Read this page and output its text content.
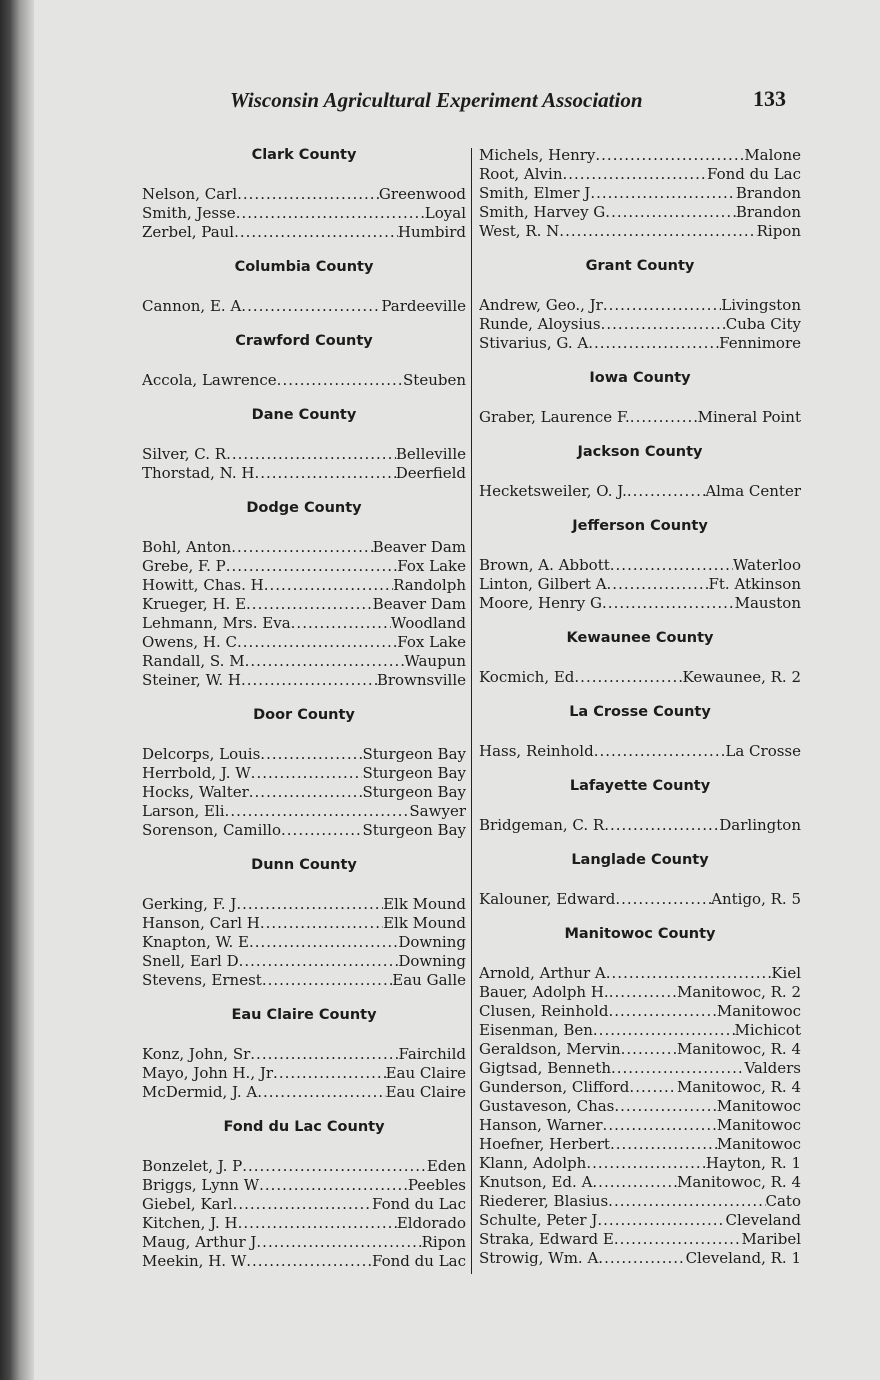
Wisconsin Agricultural Experiment Association	133
Clark County
Nelson, Carl .....	Greenwood
Smith, Jesse .....	Loyal
Zerbel, Paul .....	Humbird
Columbia County
Cannon, E. A .....	Pardeeville
Crawford County
Accola, Lawrence .....	Steuben
Dane County
Silver, C. R .....	Belleville
Thorstad, N. H .....	Deerfield
Dodge County
Bohl, Anton .....	Beaver Dam
Grebe, F. P .....	Fox Lake
Howitt, Chas. H .....	Randolph
Krueger, H. E .....	Beaver Dam
Lehmann, Mrs. Eva .....	Woodland
Owens, H. C .....	Fox Lake
Randall, S. M .....	Waupun
Steiner, W. H .....	Brownsville
Door County
Delcorps, Louis .....	Sturgeon Bay
Herrbold, J. W .....	Sturgeon Bay
Hocks, Walter .....	Sturgeon Bay
Larson, Eli .....	Sawyer
Sorenson, Camillo .....	Sturgeon Bay
Dunn County
Gerking, F. J .....	Elk Mound
Hanson, Carl H .....	Elk Mound
Knapton, W. E .....	Downing
Snell, Earl D .....	Downing
Stevens, Ernest .....	Eau Galle
Eau Claire County
Konz, John, Sr .....	Fairchild
Mayo, John H., Jr .....	Eau Claire
McDermid, J. A .....	Eau Claire
Fond du Lac County
Bonzelet, J. P .....	Eden
Briggs, Lynn W .....	Peebles
Giebel, Karl .....	Fond du Lac
Kitchen, J. H .....	Eldorado
Maug, Arthur J .....	Ripon
Meekin, H. W .....	Fond du Lac
Michels, Henry .....	Malone
Root, Alvin .....	Fond du Lac
Smith, Elmer J .....	Brandon
Smith, Harvey G .....	Brandon
West, R. N .....	Ripon
Grant County
Andrew, Geo., Jr .....	Livingston
Runde, Aloysius .....	Cuba City
Stivarius, G. A .....	Fennimore
Iowa County
Graber, Laurence F. .....	Mineral Point
Jackson County
Hecketsweiler, O. J. .....	Alma Center
Jefferson County
Brown, A. Abbott .....	Waterloo
Linton, Gilbert A .....	Ft. Atkinson
Moore, Henry G .....	Mauston
Kewaunee County
Kocmich, Ed .....	Kewaunee, R. 2
La Crosse County
Hass, Reinhold .....	La Crosse
Lafayette County
Bridgeman, C. R .....	Darlington
Langlade County
Kalouner, Edward .....	Antigo, R. 5
Manitowoc County
Arnold, Arthur A .....	Kiel
Bauer, Adolph H. .....	Manitowoc, R. 2
Clusen, Reinhold .....	Manitowoc
Eisenman, Ben .....	Michicot
Geraldson, Mervin .....	Manitowoc, R. 4
Gigtsad, Benneth .....	Valders
Gunderson, Clifford .....	Manitowoc, R. 4
Gustaveson, Chas .....	Manitowoc
Hanson, Warner .....	Manitowoc
Hoefner, Herbert .....	Manitowoc
Klann, Adolph .....	Hayton, R. 1
Knutson, Ed. A .....	Manitowoc, R. 4
Riederer, Blasius .....	Cato
Schulte, Peter J .....	Cleveland
Straka, Edward E .....	Maribel
Strowig, Wm. A .....	Cleveland, R. 1
